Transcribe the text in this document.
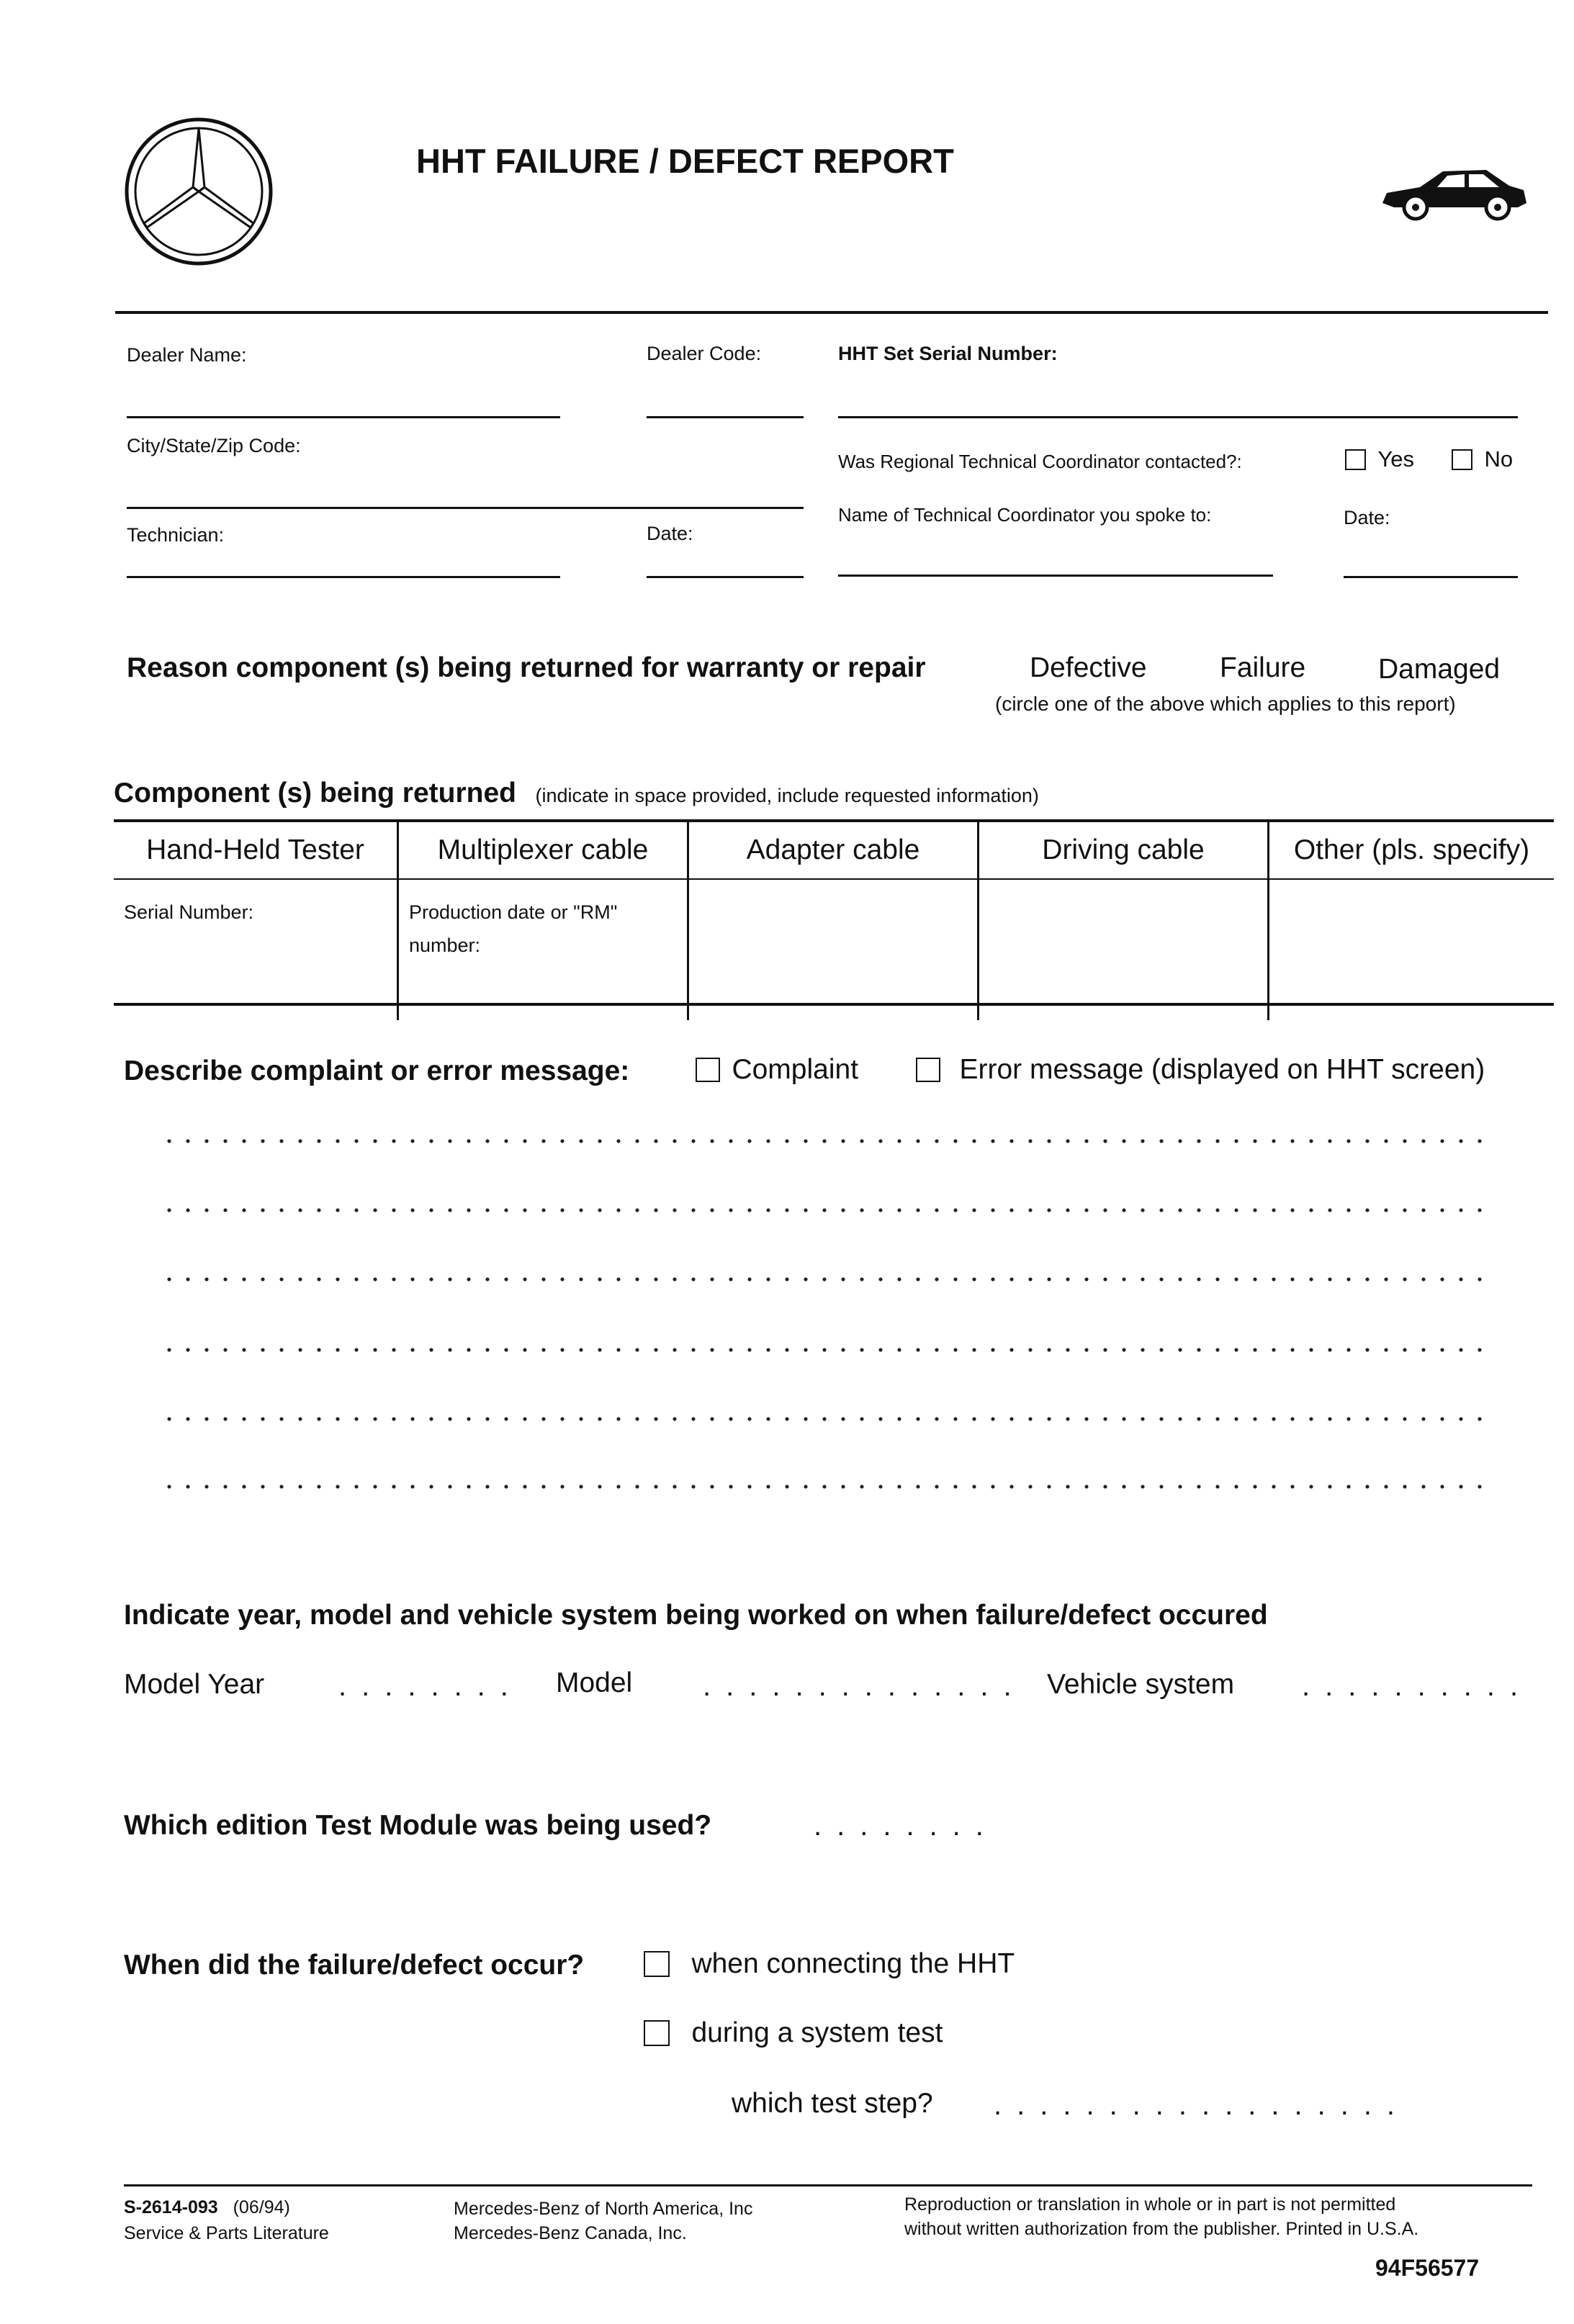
HHT FAILURE / DEFECT REPORT
Dealer Name:	Dealer Code:	HHT Set Serial Number:
City/State/Zip Code:
Was Regional Technical Coordinator contacted?:	Yes	No
Technician:	Date:
Name of Technical Coordinator you spoke to:	Date:
Reason component (s) being returned for warranty or repair	Defective	Failure	Damaged
(circle one of the above which applies to this report)
Component (s) being returned (indicate in space provided, include requested information)
Hand-Held Tester	Multiplexer cable	Adapter cable	Driving cable	Other (pls. specify)
Serial Number:	Production date or "RM" number:			
Describe complaint or error message:	Complaint	Error message (displayed on HHT screen)
Indicate year, model and vehicle system being worked on when failure/defect occured
Model Year	........ Model .............. Vehicle system ..........
Which edition Test Module was being used?	........
When did the failure/defect occur?	when connecting the HHT
during a system test
which test step? ..................
S-2614-093 (06/94)
Service & Parts Literature
Mercedes-Benz of North America, Inc
Mercedes-Benz Canada, Inc.
Reproduction or translation in whole or in part is not permitted
without written authorization from the publisher. Printed in U.S.A.
94F56577
